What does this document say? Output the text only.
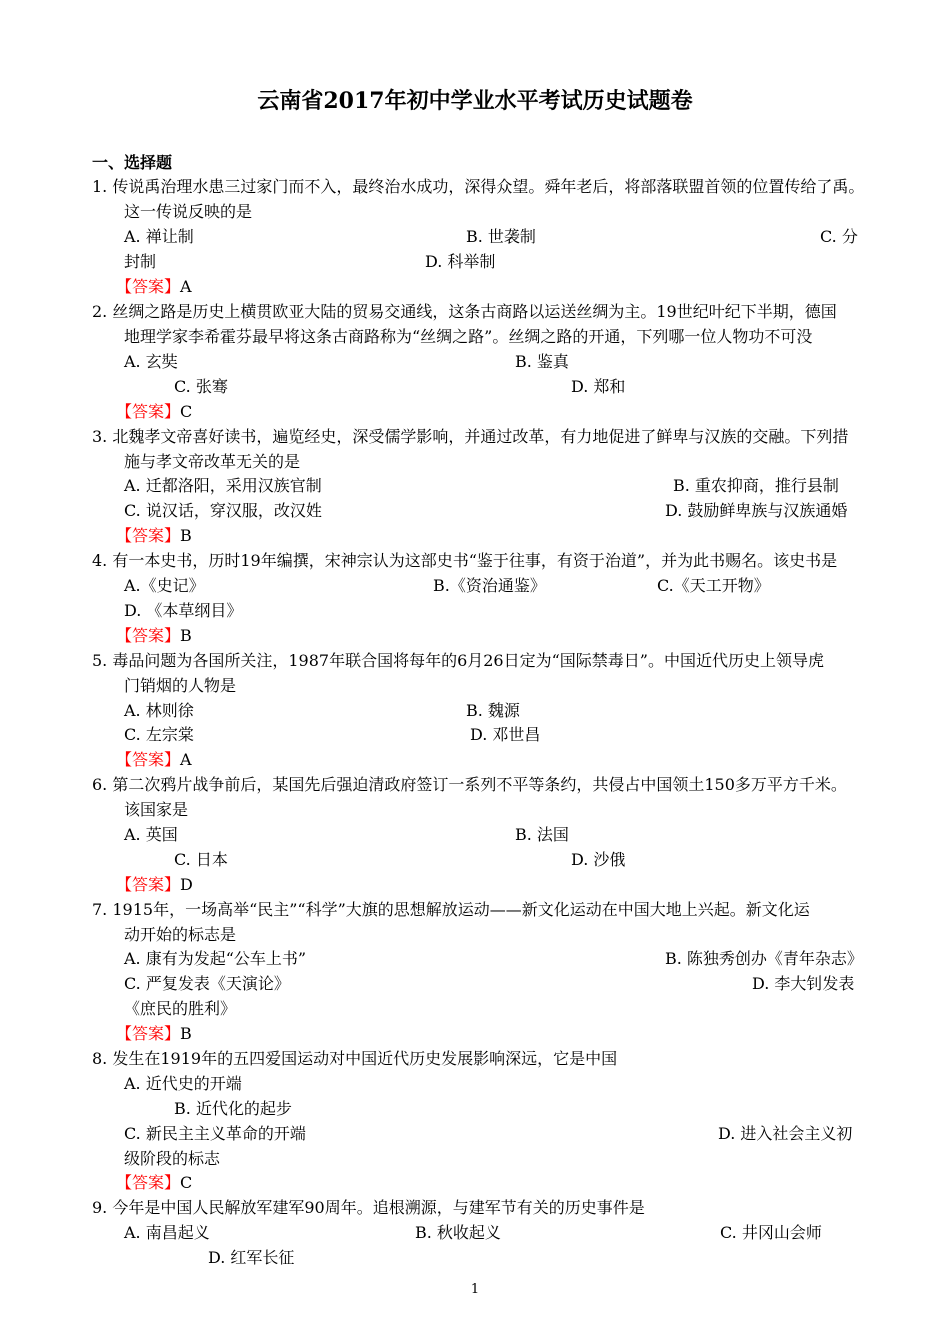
云南省2017年初中学业水平考试历史试题卷
一、选择题
1. 传说禹治理水患三过家门而不入，最终治水成功，深得众望。舜年老后，将部落联盟首领的位置传给了禹。
这一传说反映的是
A. 禅让制	B. 世袭制	C. 分
封制	D. 科举制
【答案】A
2. 丝绸之路是历史上横贯欧亚大陆的贸易交通线，这条古商路以运送丝绸为主。19世纪叶纪下半期，德国
地理学家李希霍芬最早将这条古商路称为“丝绸之路”。丝绸之路的开通，下列哪一位人物功不可没
A. 玄奘	B. 鉴真
C. 张骞	D. 郑和
【答案】C
3. 北魏孝文帝喜好读书，遍览经史，深受儒学影响，并通过改革，有力地促进了鲜卑与汉族的交融。下列措
施与孝文帝改革无关的是
A. 迁都洛阳，采用汉族官制	B. 重农抑商，推行县制
C. 说汉话，穿汉服，改汉姓	D. 鼓励鲜卑族与汉族通婚
【答案】B
4. 有一本史书，历时19年编撰，宋神宗认为这部史书“鉴于往事，有资于治道”，并为此书赐名。该史书是
A.《史记》	B.《资治通鉴》	C.《天工开物》
D. 《本草纲目》
【答案】B
5. 毒品问题为各国所关注，1987年联合国将每年的6月26日定为“国际禁毒日”。中国近代历史上领导虎
门销烟的人物是
A. 林则徐	B. 魏源
C. 左宗棠	D. 邓世昌
【答案】A
6. 第二次鸦片战争前后，某国先后强迫清政府签订一系列不平等条约，共侵占中国领土150多万平方千米。
该国家是
A. 英国	B. 法国
C. 日本	D. 沙俄
【答案】D
7. 1915年，一场高举“民主”“科学”大旗的思想解放运动——新文化运动在中国大地上兴起。新文化运
动开始的标志是
A. 康有为发起“公车上书”	B. 陈独秀创办《青年杂志》
C. 严复发表《天演论》	D. 李大钊发表
《庶民的胜利》
【答案】B
8. 发生在1919年的五四爱国运动对中国近代历史发展影响深远，它是中国
A. 近代史的开端
B. 近代化的起步
C. 新民主主义革命的开端	D. 进入社会主义初
级阶段的标志
【答案】C
9. 今年是中国人民解放军建军90周年。追根溯源，与建军节有关的历史事件是
A. 南昌起义	B. 秋收起义	C. 井冈山会师
D. 红军长征
1
